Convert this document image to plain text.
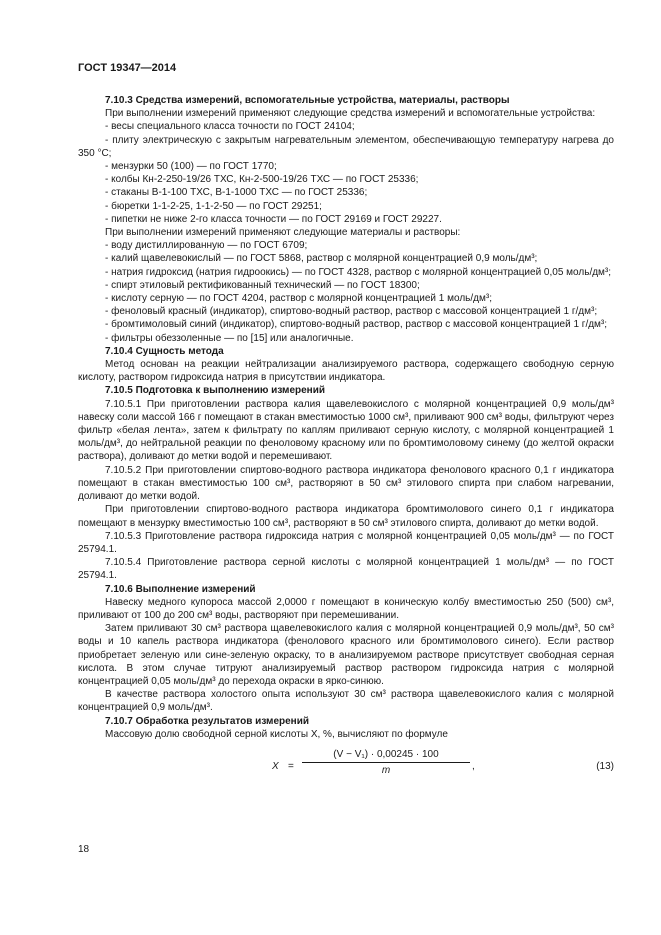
ГОСТ 19347—2014

7.10.3 Средства измерений, вспомогательные устройства, материалы, растворы

При выполнении измерений применяют следующие средства измерений и вспомогательные устройства:

- весы специального класса точности по ГОСТ 24104;

- плиту электрическую с закрытым нагревательным элементом, обеспечивающую температуру нагрева до 350 °С;

- мензурки 50 (100) — по ГОСТ 1770;

- колбы Кн-2-250-19/26 ТХС, Кн-2-500-19/26 ТХС — по ГОСТ 25336;

- стаканы В-1-100 ТХС, В-1-1000 ТХС — по ГОСТ 25336;

- бюретки 1-1-2-25, 1-1-2-50 — по ГОСТ 29251;

- пипетки не ниже 2-го класса точности — по ГОСТ 29169 и ГОСТ 29227.

При выполнении измерений применяют следующие материалы и растворы:

- воду дистиллированную — по ГОСТ 6709;

- калий щавелевокислый — по ГОСТ 5868, раствор с молярной концентрацией 0,9 моль/дм³;

- натрия гидроксид (натрия гидроокись) — по ГОСТ 4328, раствор с молярной концентрацией 0,05 моль/дм³;

- спирт этиловый ректификованный технический — по ГОСТ 18300;

- кислоту серную — по ГОСТ 4204, раствор с молярной концентрацией 1 моль/дм³;

- феноловый красный (индикатор), спиртово-водный раствор, раствор с массовой концентрацией 1 г/дм³;

- бромтимоловый синий (индикатор), спиртово-водный раствор, раствор с массовой концентрацией 1 г/дм³;

- фильтры обеззоленные — по [15] или аналогичные.

7.10.4 Сущность метода

Метод основан на реакции нейтрализации анализируемого раствора, содержащего свободную серную кислоту, раствором гидроксида натрия в присутствии индикатора.

7.10.5 Подготовка к выполнению измерений

7.10.5.1 При приготовлении раствора калия щавелевокислого с молярной концентрацией 0,9 моль/дм³ навеску соли массой 166 г помещают в стакан вместимостью 1000 см³, приливают 900 см³ воды, фильтруют через фильтр «белая лента», затем к фильтрату по каплям приливают серную кислоту, с молярной концентрацией 1 моль/дм³, до нейтральной реакции по феноловому красному или по бромтимоловому синему (до желтой окраски раствора), доливают до метки водой и перемешивают.

7.10.5.2 При приготовлении спиртово-водного раствора индикатора фенолового красного 0,1 г индикатора помещают в стакан вместимостью 100 см³, растворяют в 50 см³ этилового спирта при слабом нагревании, доливают до метки водой.

При приготовлении спиртово-водного раствора индикатора бромтимолового синего 0,1 г индикатора помещают в мензурку вместимостью 100 см³, растворяют в 50 см³ этилового спирта, доливают до метки водой.

7.10.5.3 Приготовление раствора гидроксида натрия с молярной концентрацией 0,05 моль/дм³ — по ГОСТ 25794.1.

7.10.5.4 Приготовление раствора серной кислоты с молярной концентрацией 1 моль/дм³ — по ГОСТ 25794.1.

7.10.6 Выполнение измерений

Навеску медного купороса массой 2,0000 г помещают в коническую колбу вместимостью 250 (500) см³, приливают от 100 до 200 см³ воды, растворяют при перемешивании.

Затем приливают 30 см³ раствора щавелевокислого калия с молярной концентрацией 0,9 моль/дм³, 50 см³ воды и 10 капель раствора индикатора (фенолового красного или бромтимолового синего). Если раствор приобретает зеленую или сине-зеленую окраску, то в анализируемом растворе присутствует свободная серная кислота. В этом случае титруют анализируемый раствор раствором гидроксида натрия с молярной концентрацией 0,05 моль/дм³ до перехода окраски в ярко-синюю.

В качестве раствора холостого опыта используют 30 см³ раствора щавелевокислого калия с молярной концентрацией 0,9 моль/дм³.

7.10.7 Обработка результатов измерений

Массовую долю свободной серной кислоты X, %, вычисляют по формуле

X =
(V − V₁) · 0,00245 · 100
m	,	(13)
18
